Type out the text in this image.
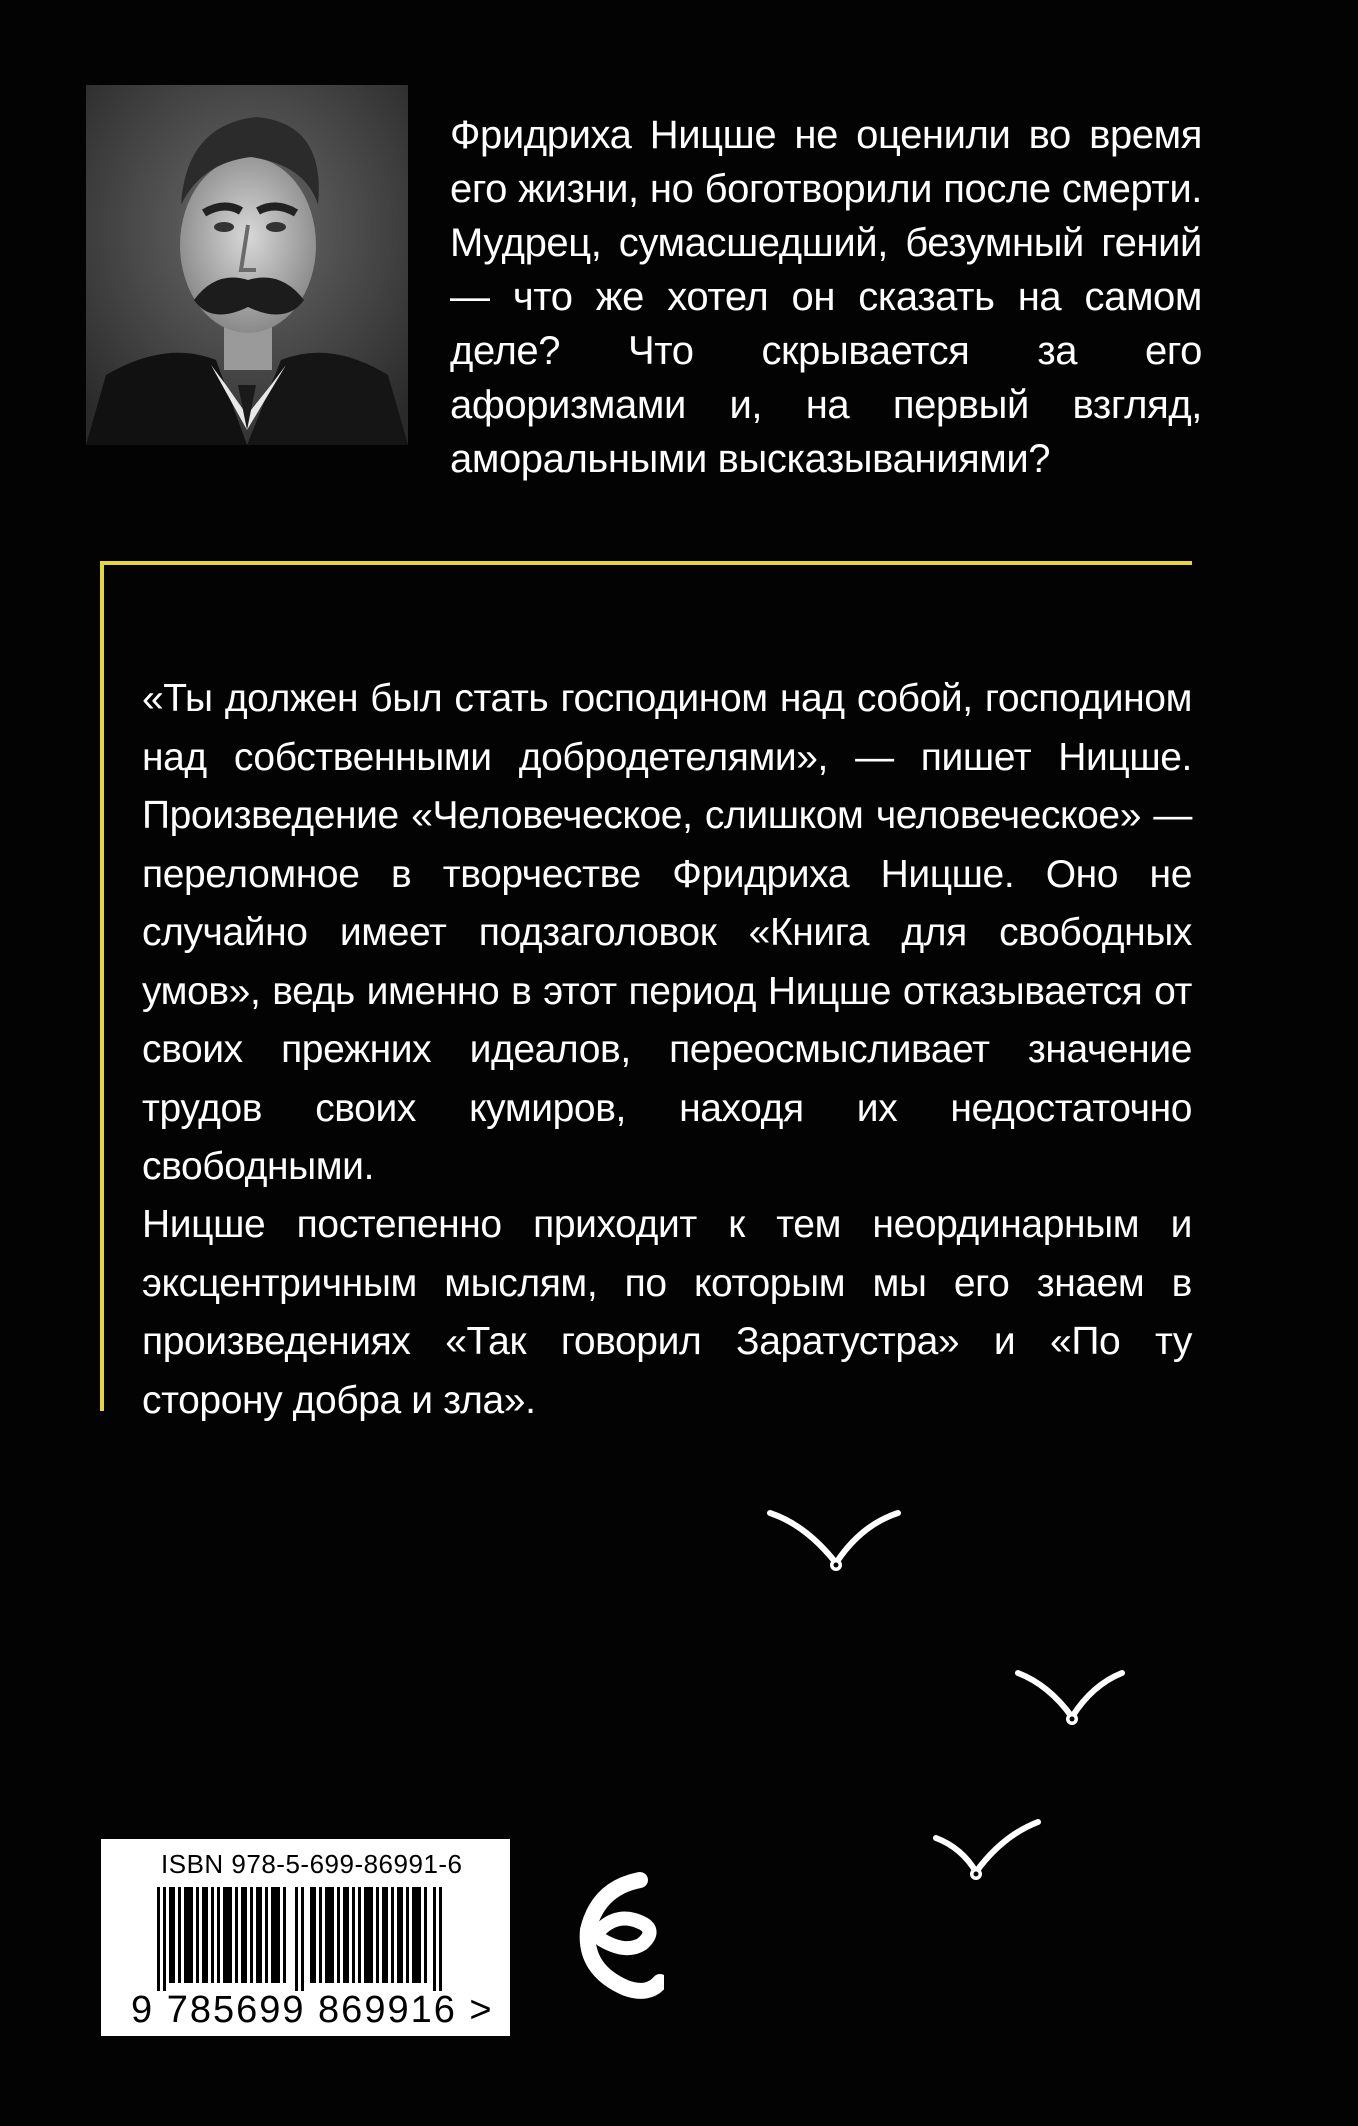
Фридриха Ницше не оценили во время его жизни, но боготворили после смерти. Мудрец, сумасшедший, безумный гений — что же хотел он сказать на самом деле? Что скрывается за его афоризмами и, на первый взгляд, аморальными высказываниями?
«Ты должен был стать господином над собой, господином над собственными добродетелями», — пишет Ницше. Произведение «Человеческое, слишком человеческое» — переломное в творчестве Фридриха Ницше. Оно не случайно имеет подзаголовок «Книга для свободных умов», ведь именно в этот период Ницше отказывается от своих прежних идеалов, переосмысливает значение трудов своих кумиров, находя их недостаточно свободными.
Ницше постепенно приходит к тем неординарным и эксцентричным мыслям, по которым мы его знаем в произведениях «Так говорил Заратустра» и «По ту сторону добра и зла».
ISBN 978-5-699-86991-6
9 785699 869916 >
